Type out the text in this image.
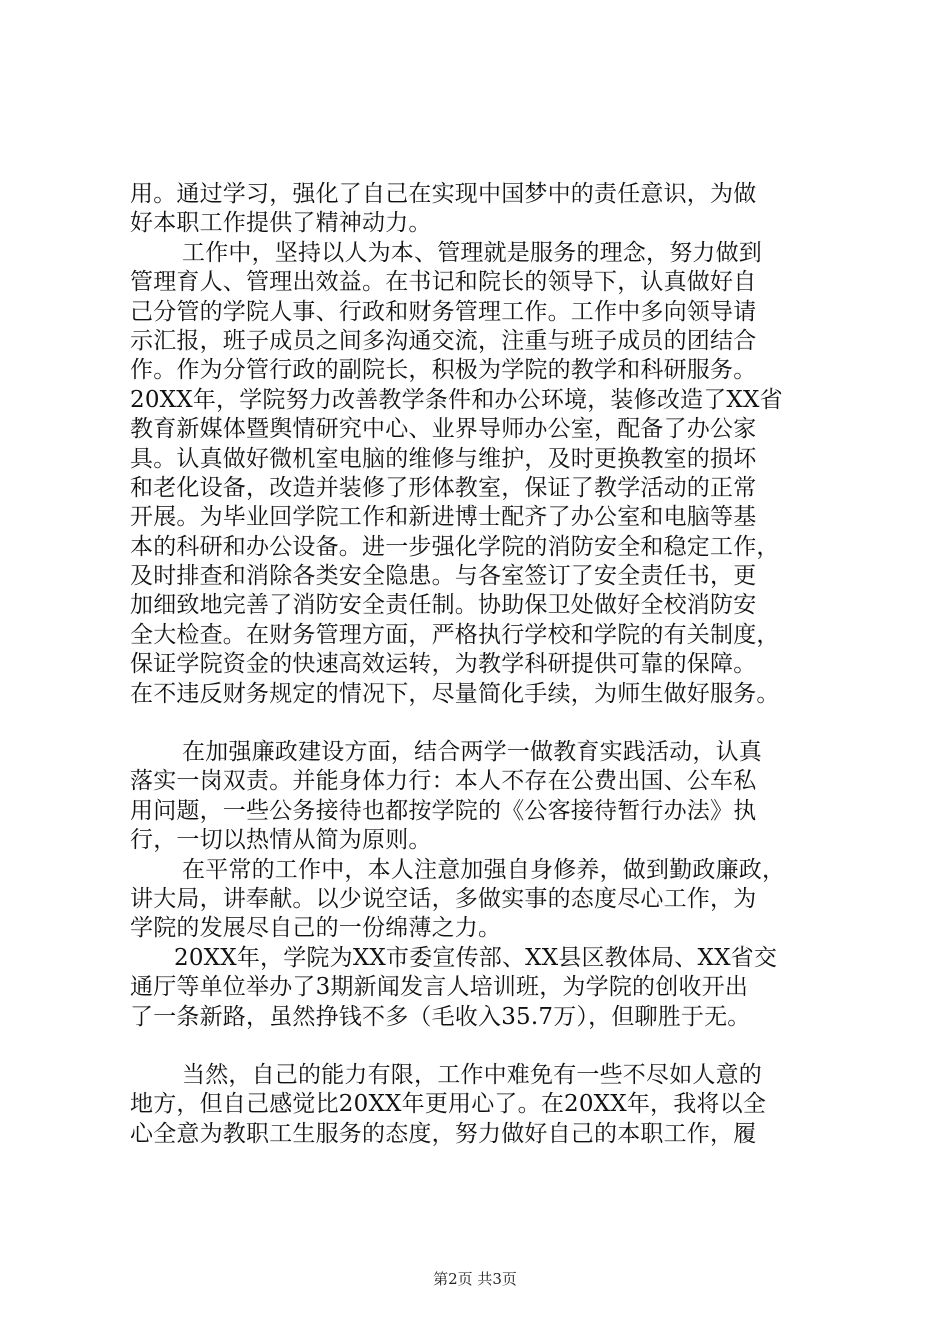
用。通过学习，强化了自己在实现中国梦中的责任意识，为做
好本职工作提供了精神动力。
工作中，坚持以人为本、管理就是服务的理念，努力做到
管理育人、管理出效益。在书记和院长的领导下，认真做好自
己分管的学院人事、行政和财务管理工作。工作中多向领导请
示汇报，班子成员之间多沟通交流，注重与班子成员的团结合
作。作为分管行政的副院长，积极为学院的教学和科研服务。
20XX年，学院努力改善教学条件和办公环境，装修改造了XX省
教育新媒体暨舆情研究中心、业界导师办公室，配备了办公家
具。认真做好微机室电脑的维修与维护，及时更换教室的损坏
和老化设备，改造并装修了形体教室，保证了教学活动的正常
开展。为毕业回学院工作和新进博士配齐了办公室和电脑等基
本的科研和办公设备。进一步强化学院的消防安全和稳定工作，
及时排查和消除各类安全隐患。与各室签订了安全责任书，更
加细致地完善了消防安全责任制。协助保卫处做好全校消防安
全大检查。在财务管理方面，严格执行学校和学院的有关制度，
保证学院资金的快速高效运转，为教学科研提供可靠的保障。
在不违反财务规定的情况下，尽量简化手续，为师生做好服务。
在加强廉政建设方面，结合两学一做教育实践活动，认真
落实一岗双责。并能身体力行：本人不存在公费出国、公车私
用问题，一些公务接待也都按学院的《公客接待暂行办法》执
行，一切以热情从简为原则。
在平常的工作中，本人注意加强自身修养，做到勤政廉政，
讲大局，讲奉献。以少说空话，多做实事的态度尽心工作，为
学院的发展尽自己的一份绵薄之力。
20XX年，学院为XX市委宣传部、XX县区教体局、XX省交
通厅等单位举办了3期新闻发言人培训班，为学院的创收开出
了一条新路，虽然挣钱不多（毛收入35.7万），但聊胜于无。
当然，自己的能力有限，工作中难免有一些不尽如人意的
地方，但自己感觉比20XX年更用心了。在20XX年，我将以全
心全意为教职工生服务的态度，努力做好自己的本职工作，履
第2页 共3页
